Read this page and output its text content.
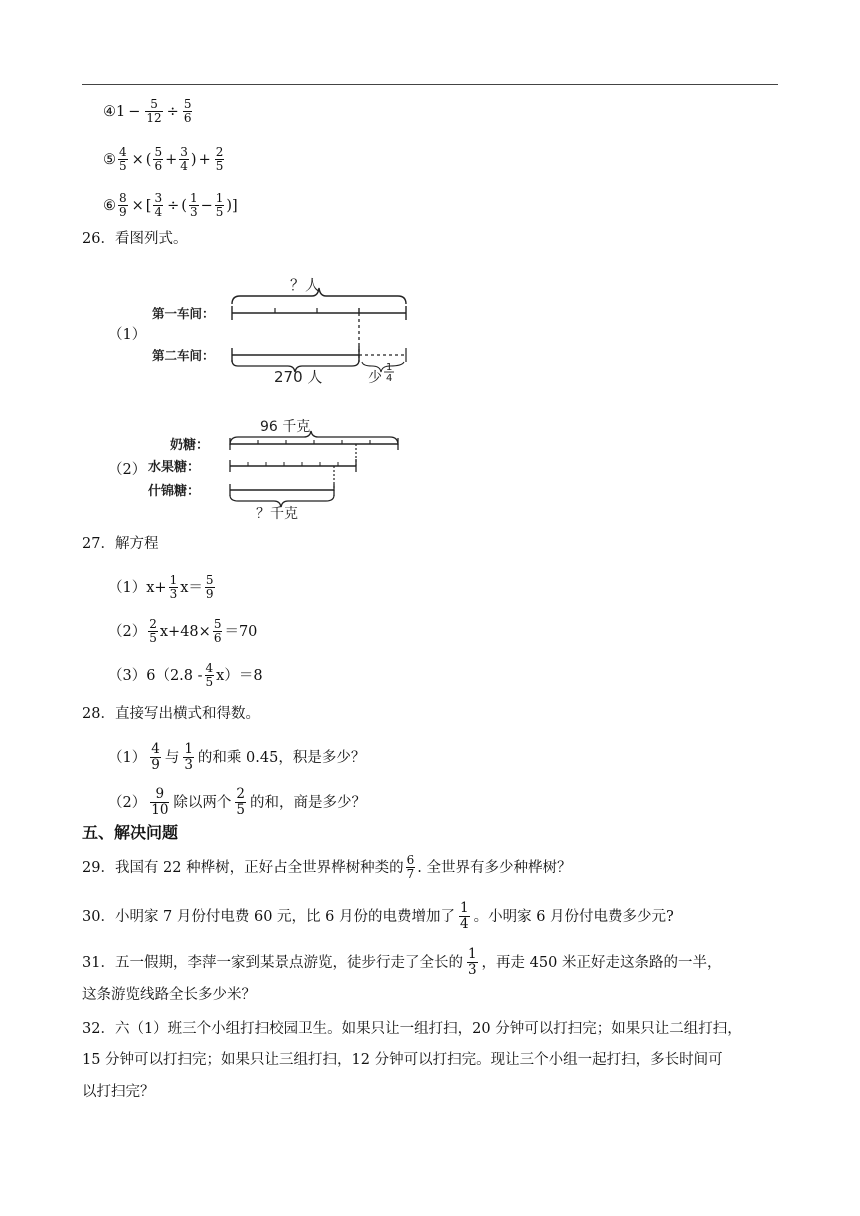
④ $1 - \frac{5}{12} \div \frac{5}{6}$
⑤ $\frac{4}{5}$ × ( $\frac{5}{6} + \frac{3}{4}$ ) + $\frac{2}{5}$
⑥ $\frac{8}{9}$ × [ $\frac{3}{4}$ ÷ ( $\frac{1}{3} - \frac{1}{5}$ )]
26．看图列式。
（1）
？人
第一车间：
第二车间：
270 人	少
1
4
（2）
96 千克
奶糖：
水果糖：
什锦糖：
？千克
27．解方程
（1） $x+ \frac{1}{3} x= \frac{5}{9}$
$(2) \frac{2}{5} x+48\times \frac{5}{6} =70$
（3） $6(2.8 - \frac{4}{5} x)=8$
28．直接写出横式和得数。
$(1) \frac{4}{9}$ 与 $\frac{1}{3}$ 的和乘 0.45，积是多少？
$(2) \frac{9}{10}$ 除以两个 $\frac{2}{5}$ 的和，商是多少？
五、解决问题
29．我国有 22 种桦树，正好占全世界桦树种类的 $\frac{6}{7}$ . 全世界有多少种桦树？
30．小明家 7 月份付电费 60 元，比 6 月份的电费增加了 $\frac{1}{4}$ 。小明家 6 月份付电费多少元?
31．五一假期，李萍一家到某景点游览，徒步行走了全长的 $\frac{1}{3}$ ，再走 450 米正好走这条路的一半，
这条游览线路全长多少米？
32．六（1）班三个小组打扫校园卫生。如果只让一组打扫，20 分钟可以打扫完；如果只让二组打扫，
15 分钟可以打扫完；如果只让三组打扫，12 分钟可以打扫完。现让三个小组一起打扫，多长时间可
以打扫完？
